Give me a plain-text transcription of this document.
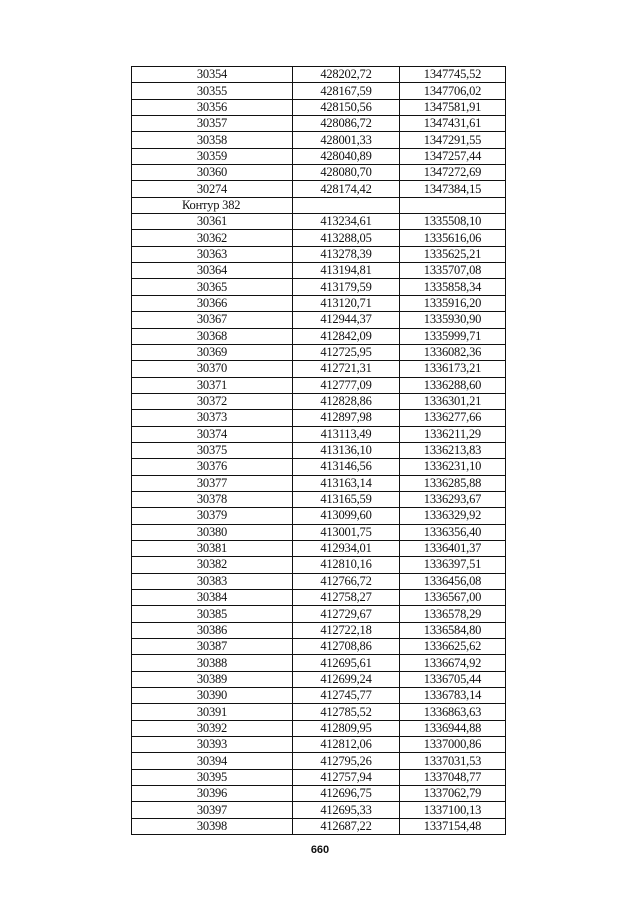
30354	428202,72	1347745,52
30355	428167,59	1347706,02
30356	428150,56	1347581,91
30357	428086,72	1347431,61
30358	428001,33	1347291,55
30359	428040,89	1347257,44
30360	428080,70	1347272,69
30274	428174,42	1347384,15
Контур 382		
30361	413234,61	1335508,10
30362	413288,05	1335616,06
30363	413278,39	1335625,21
30364	413194,81	1335707,08
30365	413179,59	1335858,34
30366	413120,71	1335916,20
30367	412944,37	1335930,90
30368	412842,09	1335999,71
30369	412725,95	1336082,36
30370	412721,31	1336173,21
30371	412777,09	1336288,60
30372	412828,86	1336301,21
30373	412897,98	1336277,66
30374	413113,49	1336211,29
30375	413136,10	1336213,83
30376	413146,56	1336231,10
30377	413163,14	1336285,88
30378	413165,59	1336293,67
30379	413099,60	1336329,92
30380	413001,75	1336356,40
30381	412934,01	1336401,37
30382	412810,16	1336397,51
30383	412766,72	1336456,08
30384	412758,27	1336567,00
30385	412729,67	1336578,29
30386	412722,18	1336584,80
30387	412708,86	1336625,62
30388	412695,61	1336674,92
30389	412699,24	1336705,44
30390	412745,77	1336783,14
30391	412785,52	1336863,63
30392	412809,95	1336944,88
30393	412812,06	1337000,86
30394	412795,26	1337031,53
30395	412757,94	1337048,77
30396	412696,75	1337062,79
30397	412695,33	1337100,13
30398	412687,22	1337154,48
660
